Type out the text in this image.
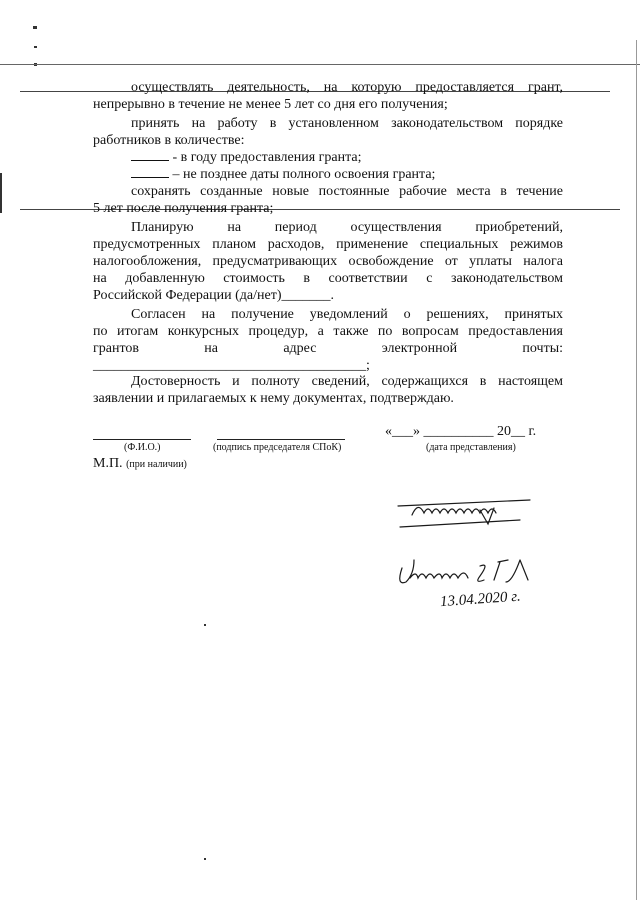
осуществлять деятельность, на которую предоставляется грант,
непрерывно в течение не менее 5 лет со дня его получения;
принять на работу в установленном законодательством порядке
работников в количестве:
- в году предоставления гранта;
– не позднее даты полного освоения гранта;
сохранять созданные новые постоянные рабочие места в течение
5 лет после получения гранта;
Планирую на период осуществления приобретений,
предусмотренных планом расходов, применение специальных режимов
налогообложения, предусматривающих освобождение от уплаты налога
на добавленную стоимость в соответствии с законодательством
Российской Федерации (да/нет)_______.
Согласен на получение уведомлений о решениях, принятых
по итогам конкурсных процедур, а также по вопросам предоставления
грантов на адрес электронной почты:
_______________________________________;
Достоверность и полноту сведений, содержащихся в настоящем
заявлении и прилагаемых к нему документах, подтверждаю.
«___» __________ 20__ г.
(Ф.И.О.)	(подпись председателя СПоК)	(дата представления)
М.П. (при наличии)
13.04.2020 г.
